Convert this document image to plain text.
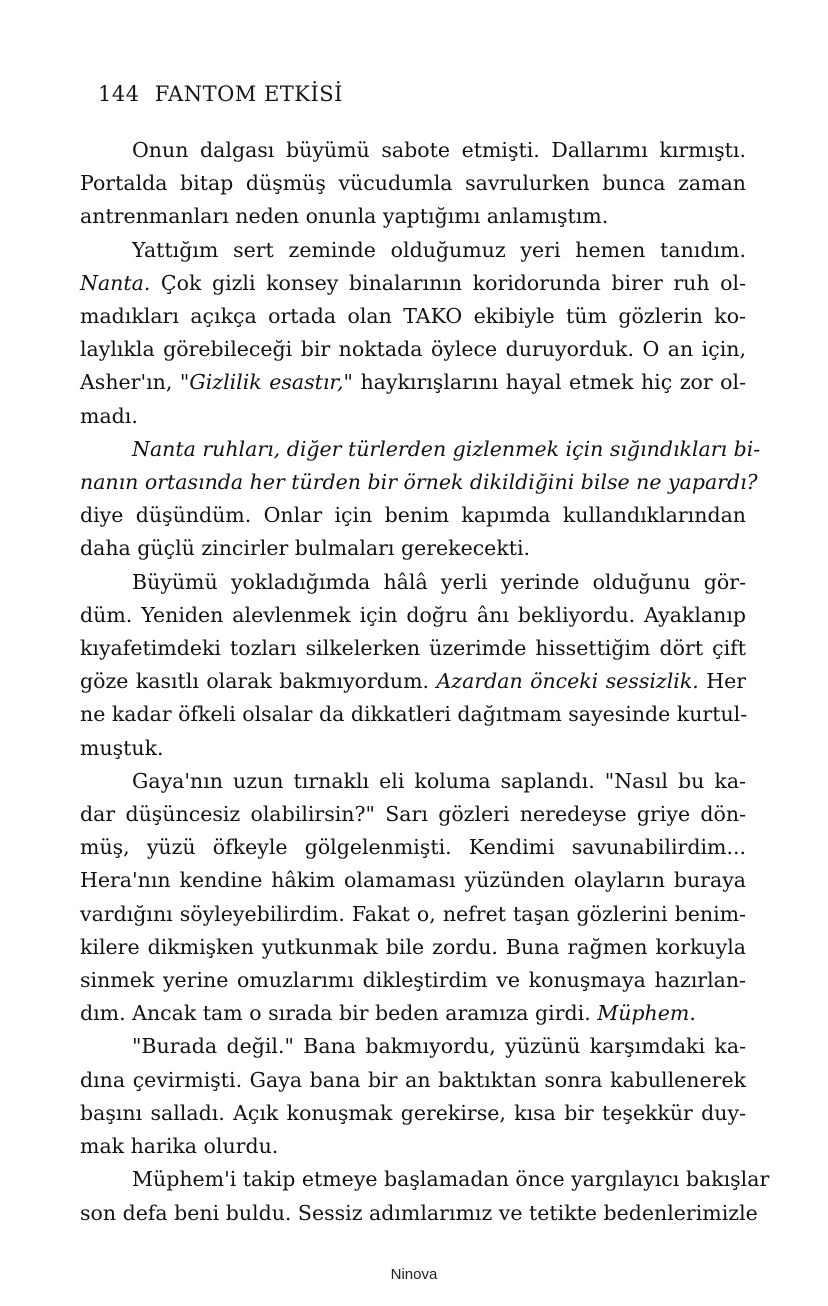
144 FANTOM ETKİSİ
Onun dalgası büyümü sabote etmişti. Dallarımı kırmıştı.
Portalda bitap düşmüş vücudumla savrulurken bunca zaman
antrenmanları neden onunla yaptığımı anlamıştım.
Yattığım sert zeminde olduğumuz yeri hemen tanıdım.
Nanta. Çok gizli konsey binalarının koridorunda birer ruh ol-
madıkları açıkça ortada olan TAKO ekibiyle tüm gözlerin ko-
laylıkla görebileceği bir noktada öylece duruyorduk. O an için,
Asher'ın, "Gizlilik esastır," haykırışlarını hayal etmek hiç zor ol-
madı.
Nanta ruhları, diğer türlerden gizlenmek için sığındıkları bi-
nanın ortasında her türden bir örnek dikildiğini bilse ne yapardı?
diye düşündüm. Onlar için benim kapımda kullandıklarından
daha güçlü zincirler bulmaları gerekecekti.
Büyümü yokladığımda hâlâ yerli yerinde olduğunu gör-
düm. Yeniden alevlenmek için doğru ânı bekliyordu. Ayaklanıp
kıyafetimdeki tozları silkelerken üzerimde hissettiğim dört çift
göze kasıtlı olarak bakmıyordum. Azardan önceki sessizlik. Her
ne kadar öfkeli olsalar da dikkatleri dağıtmam sayesinde kurtul-
muştuk.
Gaya'nın uzun tırnaklı eli koluma saplandı. "Nasıl bu ka-
dar düşüncesiz olabilirsin?" Sarı gözleri neredeyse griye dön-
müş, yüzü öfkeyle gölgelenmişti. Kendimi savunabilirdim...
Hera'nın kendine hâkim olamaması yüzünden olayların buraya
vardığını söyleyebilirdim. Fakat o, nefret taşan gözlerini benim-
kilere dikmişken yutkunmak bile zordu. Buna rağmen korkuyla
sinmek yerine omuzlarımı dikleştirdim ve konuşmaya hazırlan-
dım. Ancak tam o sırada bir beden aramıza girdi. Müphem.
"Burada değil." Bana bakmıyordu, yüzünü karşımdaki ka-
dına çevirmişti. Gaya bana bir an baktıktan sonra kabullenerek
başını salladı. Açık konuşmak gerekirse, kısa bir teşekkür duy-
mak harika olurdu.
Müphem'i takip etmeye başlamadan önce yargılayıcı bakışlar
son defa beni buldu. Sessiz adımlarımız ve tetikte bedenlerimizle
Ninova
